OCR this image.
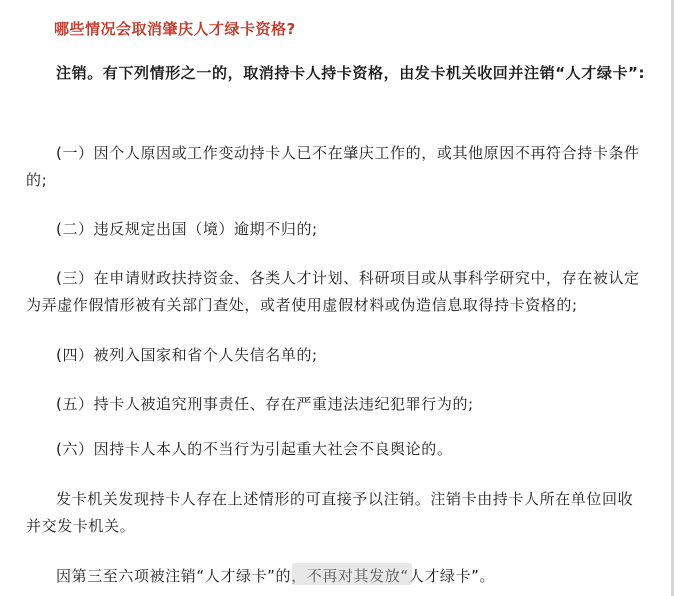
哪些情况会取消肇庆人才绿卡资格?
注销。有下列情形之一的，取消持卡人持卡资格，由发卡机关收回并注销“人才绿卡”:
(一）因个人原因或工作变动持卡人已不在肇庆工作的，或其他原因不再符合持卡条件的;
(二）违反规定出国（境）逾期不归的;
(三）在申请财政扶持资金、各类人才计划、科研项目或从事科学研究中，存在被认定为弄虚作假情形被有关部门查处，或者使用虚假材料或伪造信息取得持卡资格的;
(四）被列入国家和省个人失信名单的;
(五）持卡人被追究刑事责任、存在严重违法违纪犯罪行为的;
(六）因持卡人本人的不当行为引起重大社会不良舆论的。
发卡机关发现持卡人存在上述情形的可直接予以注销。注销卡由持卡人所在单位回收并交发卡机关。
因第三至六项被注销“人才绿卡”的，不再对其发放“人才绿卡”。
